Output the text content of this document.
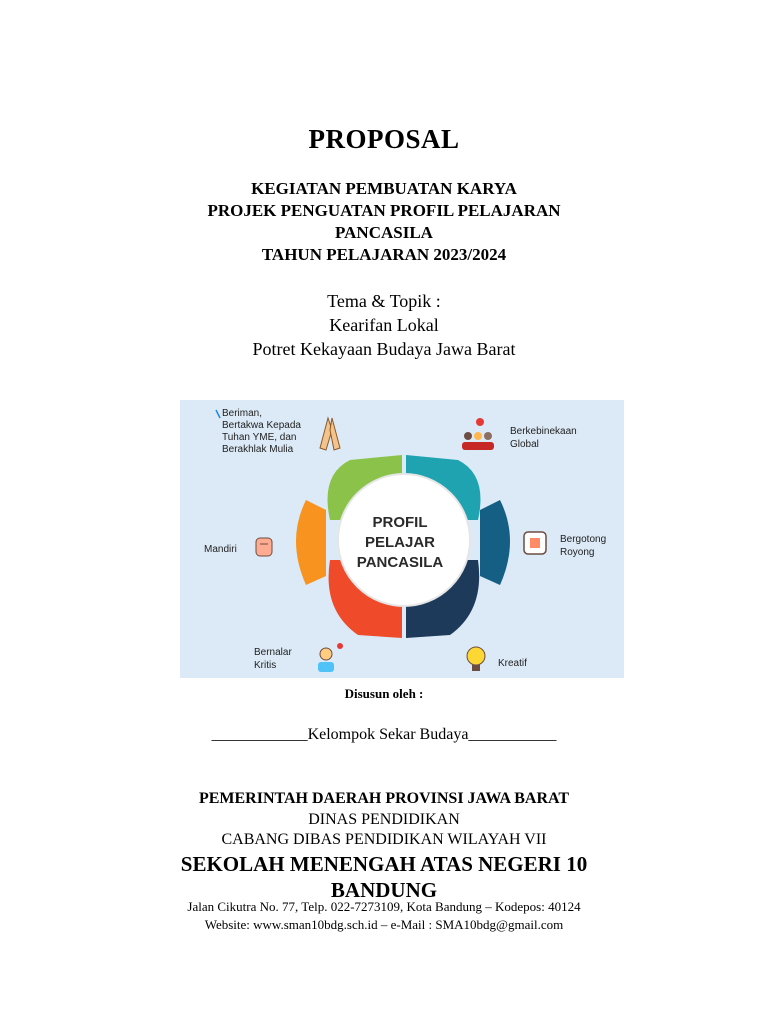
PROPOSAL
KEGIATAN PEMBUATAN KARYA
PROJEK PENGUATAN PROFIL PELAJARAN
PANCASILA
TAHUN PELAJARAN 2023/2024
Tema & Topik :
Kearifan Lokal
Potret Kekayaan Budaya Jawa Barat
PROFIL
PELAJAR
PANCASILA
Beriman,
Bertakwa Kepada
Tuhan YME, dan
Berakhlak Mulia
Berkebinekaan
Global
Bergotong
Royong
Kreatif
Bernalar
Kritis
Mandiri
Disusun oleh :
____________Kelompok Sekar Budaya___________
PEMERINTAH DAERAH PROVINSI JAWA BARAT
DINAS PENDIDIKAN
CABANG DIBAS PENDIDIKAN WILAYAH VII
SEKOLAH MENENGAH ATAS NEGERI 10
BANDUNG
Jalan Cikutra No. 77, Telp. 022-7273109, Kota Bandung – Kodepos: 40124
Website: www.sman10bdg.sch.id – e-Mail : SMA10bdg@gmail.com
